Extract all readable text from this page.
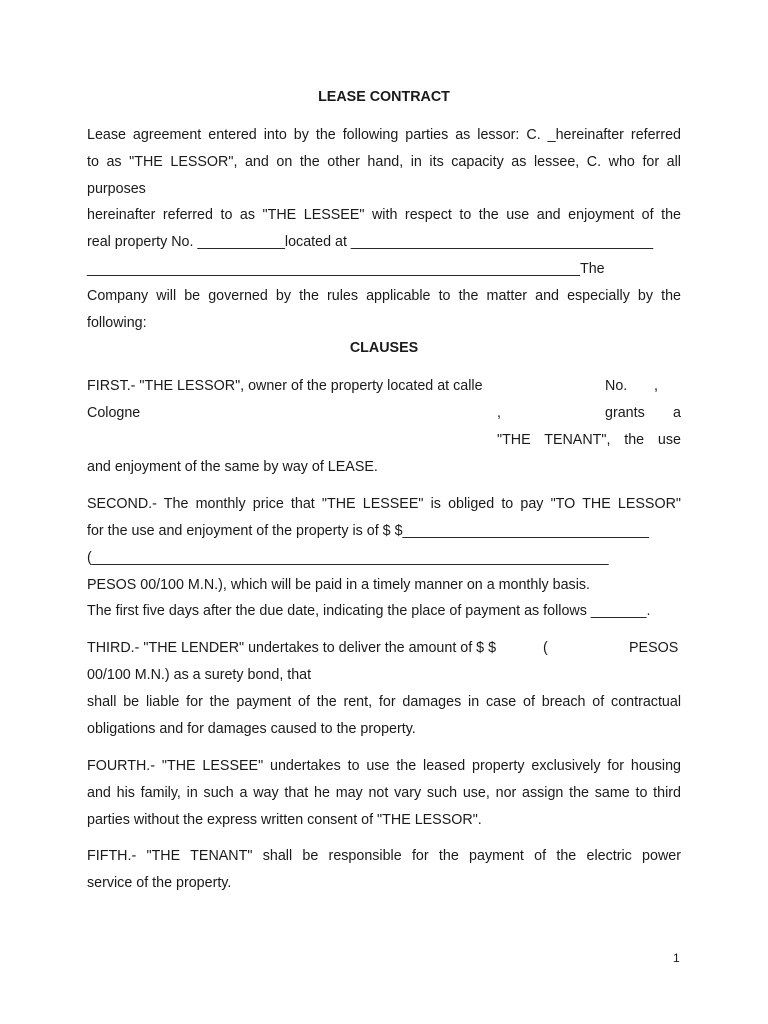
LEASE CONTRACT
Lease agreement entered into by the following parties as lessor: C. _hereinafter referred
to as "THE LESSOR", and on the other hand, in its capacity as lessee, C. who for all
purposes
hereinafter referred to as "THE LESSEE" with respect to the use and enjoyment of the
real property No. ___________located at ______________________________________
______________________________________________________________The
Company will be governed by the rules applicable to the matter and especially by the
following:
CLAUSES
FIRST.- "THE LESSOR", owner of the property located at calle	No. ,
Cologne	,	grants a
"THE TENANT", the use
and enjoyment of the same by way of LEASE.
SECOND.- The monthly price that "THE LESSEE" is obliged to pay "TO THE LESSOR"
for the use and enjoyment of the property is of $ $_______________________________
(_________________________________________________________________
PESOS 00/100 M.N.), which will be paid in a timely manner on a monthly basis.
The first five days after the due date, indicating the place of payment as follows _______.
THIRD.- "THE LENDER" undertakes to deliver the amount of $ $	(	PESOS
00/100 M.N.) as a surety bond, that
shall be liable for the payment of the rent, for damages in case of breach of contractual
obligations and for damages caused to the property.
FOURTH.- "THE LESSEE" undertakes to use the leased property exclusively for housing
and his family, in such a way that he may not vary such use, nor assign the same to third
parties without the express written consent of "THE LESSOR".
FIFTH.- "THE TENANT" shall be responsible for the payment of the electric power
service of the property.
1
